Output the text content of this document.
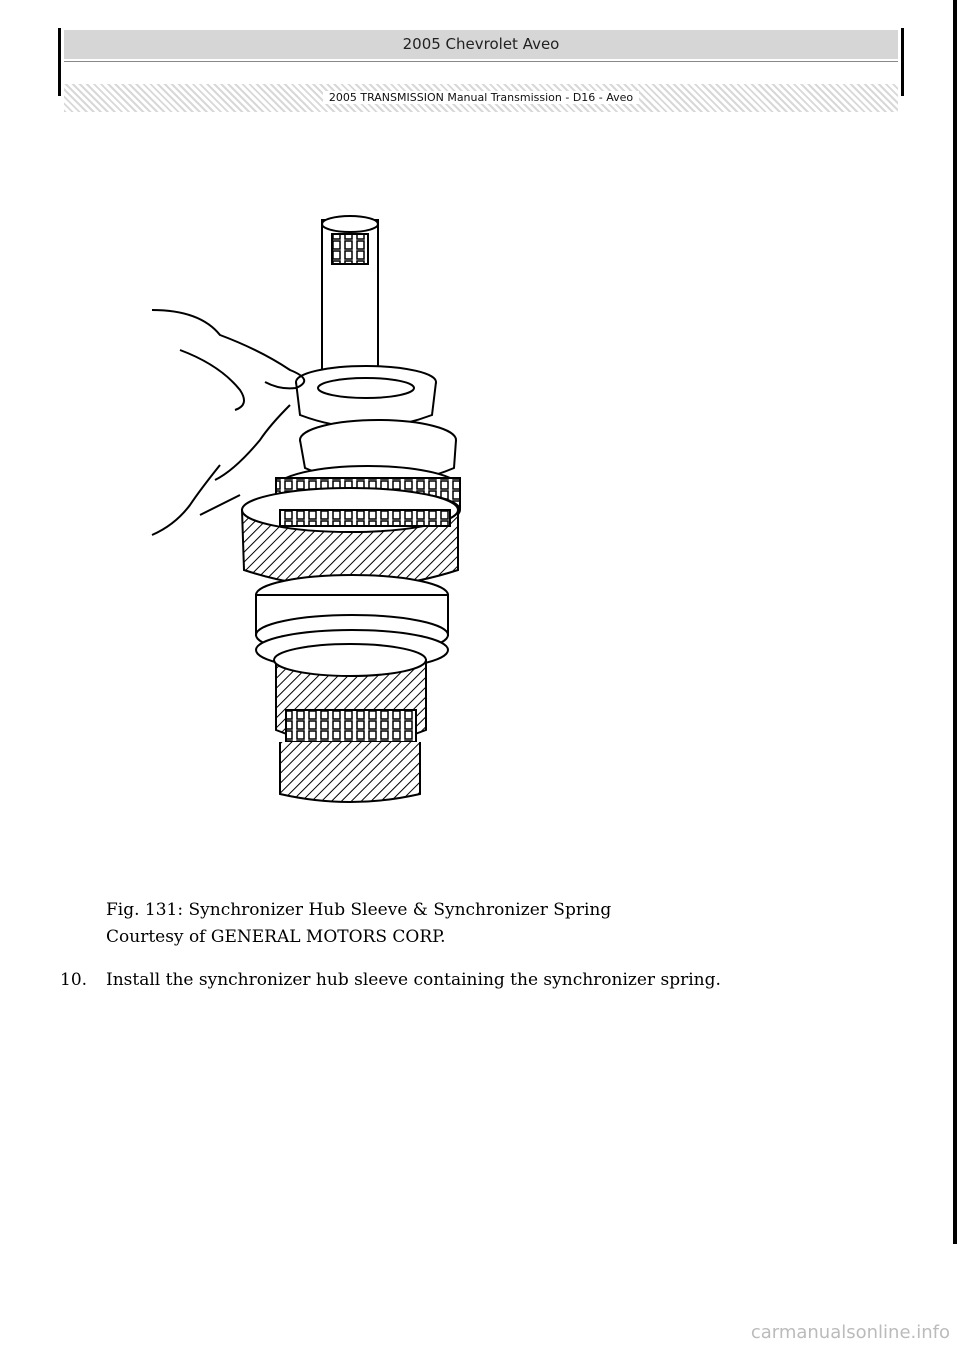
2005 Chevrolet Aveo
2005 TRANSMISSION Manual Transmission - D16 - Aveo
Fig. 131: Synchronizer Hub Sleeve & Synchronizer Spring
Courtesy of GENERAL MOTORS CORP.
10. Install the synchronizer hub sleeve containing the synchronizer spring.
carmanualsonline.info
